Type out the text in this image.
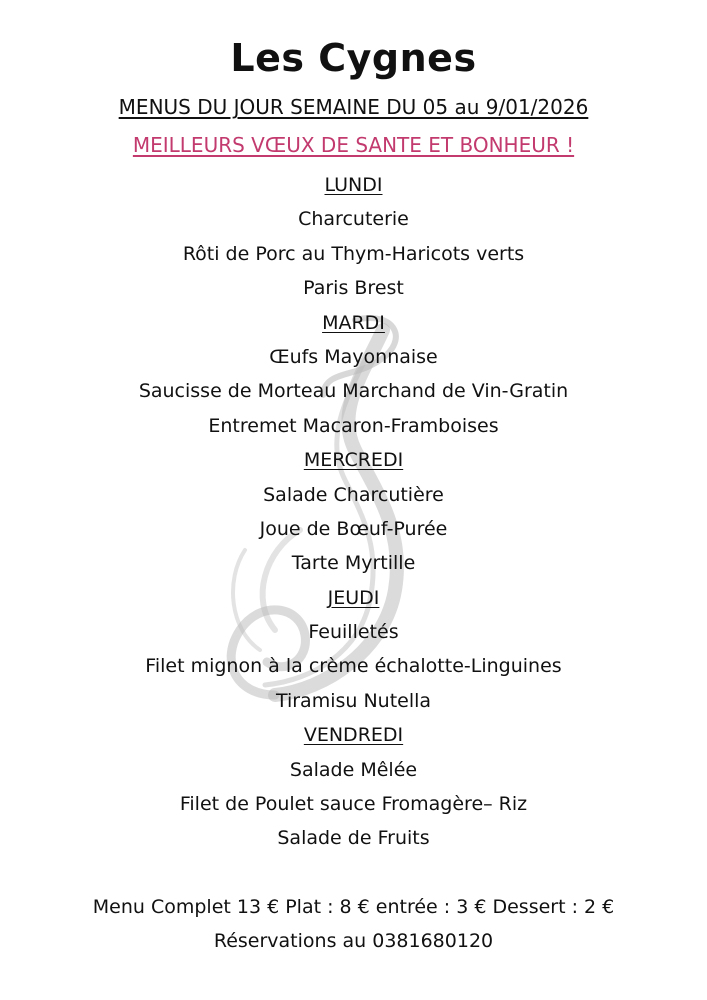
Les Cygnes
MENUS DU JOUR SEMAINE DU 05 au 9/01/2026
MEILLEURS VŒUX DE SANTE ET BONHEUR !
LUNDI
Charcuterie
Rôti de Porc au Thym-Haricots verts
Paris Brest
MARDI
Œufs Mayonnaise
Saucisse de Morteau Marchand de Vin-Gratin
Entremet Macaron-Framboises
MERCREDI
Salade Charcutière
Joue de Bœuf-Purée
Tarte Myrtille
JEUDI
Feuilletés
Filet mignon à la crème échalotte-Linguines
Tiramisu Nutella
VENDREDI
Salade Mêlée
Filet de Poulet sauce Fromagère– Riz
Salade de Fruits
Menu Complet 13 € Plat : 8 € entrée : 3 € Dessert : 2 €
Réservations au 0381680120
